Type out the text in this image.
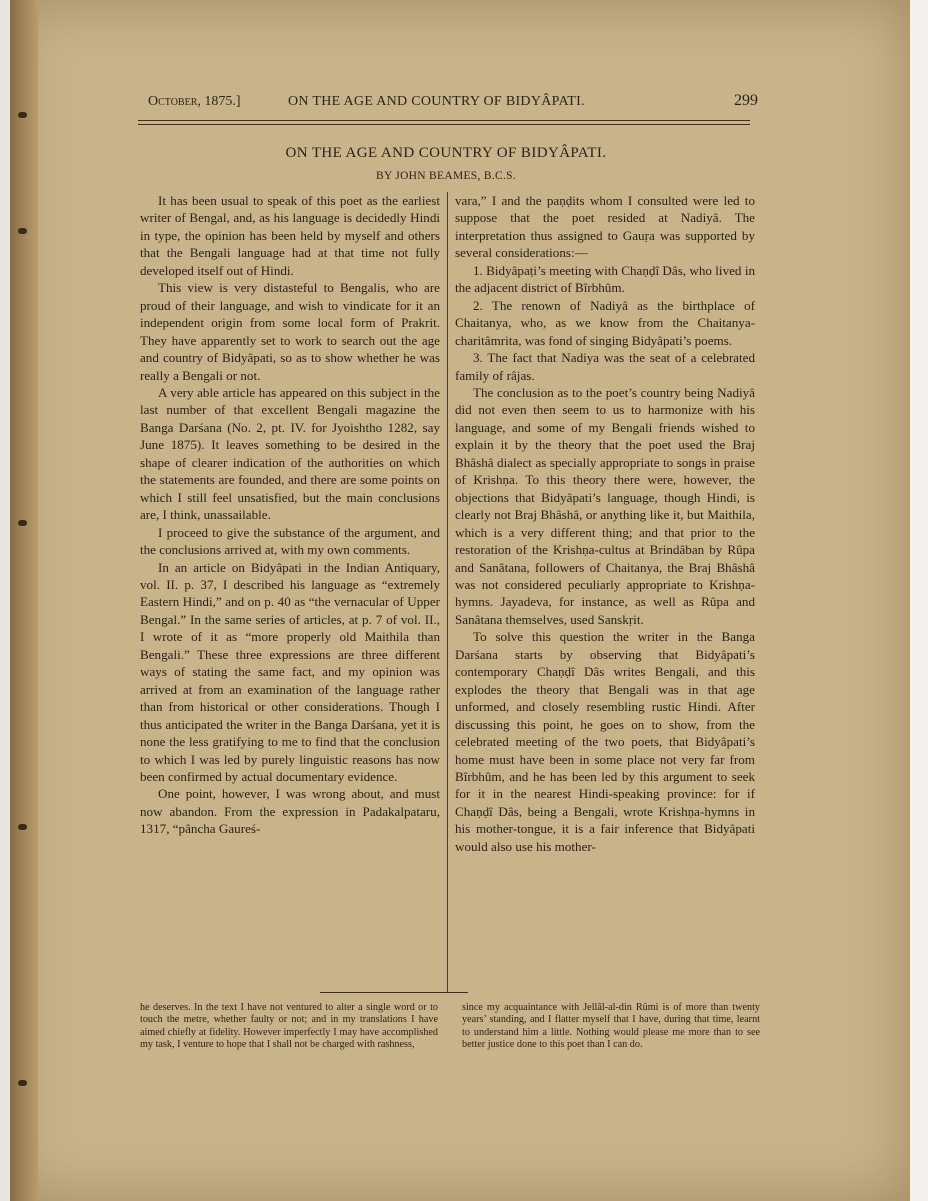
October, 1875.]	ON THE AGE AND COUNTRY OF BIDYÂPATI.	299
ON THE AGE AND COUNTRY OF BIDYÂPATI.
BY JOHN BEAMES, B.C.S.

It has been usual to speak of this poet as the earliest writer of Bengal, and, as his language is decidedly Hindi in type, the opinion has been held by myself and others that the Bengali language had at that time not fully developed itself out of Hindi.

This view is very distasteful to Bengalis, who are proud of their language, and wish to vindicate for it an independent origin from some local form of Prakrit. They have apparently set to work to search out the age and country of Bidyâpati, so as to show whether he was really a Bengali or not.

A very able article has appeared on this subject in the last number of that excellent Bengali magazine the Banga Darśana (No. 2, pt. IV. for Jyoishtho 1282, say June 1875). It leaves something to be desired in the shape of clearer indication of the authorities on which the statements are founded, and there are some points on which I still feel unsatisfied, but the main conclusions are, I think, unassailable.

I proceed to give the substance of the argument, and the conclusions arrived at, with my own comments.

In an article on Bidyâpati in the Indian Antiquary, vol. II. p. 37, I described his language as “extremely Eastern Hindi,” and on p. 40 as “the vernacular of Upper Bengal.” In the same series of articles, at p. 7 of vol. II., I wrote of it as “more properly old Maithila than Bengali.” These three expressions are three different ways of stating the same fact, and my opinion was arrived at from an examination of the language rather than from historical or other considerations. Though I thus anticipated the writer in the Banga Darśana, yet it is none the less gratifying to me to find that the conclusion to which I was led by purely linguistic reasons has now been confirmed by actual documentary evidence.

One point, however, I was wrong about, and must now abandon. From the expression in Padakalpataru, 1317, “pâncha Gaureś-

vara,” I and the paṇḍits whom I consulted were led to suppose that the poet resided at Nadiyâ. The interpretation thus assigned to Gauṛa was supported by several considerations:—

1. Bidyâpaṭi’s meeting with Chaṇḍî Dâs, who lived in the adjacent district of Bîrbhûm.

2. The renown of Nadiyâ as the birthplace of Chaitanya, who, as we know from the Chaitanya-charitâmrita, was fond of singing Bidyâpati’s poems.

3. The fact that Nadiya was the seat of a celebrated family of râjas.

The conclusion as to the poet’s country being Nadiyâ did not even then seem to us to harmonize with his language, and some of my Bengali friends wished to explain it by the theory that the poet used the Braj Bhâshâ dialect as specially appropriate to songs in praise of Krishṇa. To this theory there were, however, the objections that Bidyâpati’s language, though Hindi, is clearly not Braj Bhâshâ, or anything like it, but Maithila, which is a very different thing; and that prior to the restoration of the Krishṇa-cultus at Brindâban by Rûpa and Sanâtana, followers of Chaitanya, the Braj Bhâshâ was not considered peculiarly appropriate to Krishṇa-hymns. Jayadeva, for instance, as well as Rûpa and Sanâtana themselves, used Sanskṛit.

To solve this question the writer in the Banga Darśana starts by observing that Bidyâpati’s contemporary Chaṇḍî Dâs writes Bengali, and this explodes the theory that Bengali was in that age unformed, and closely resembling rustic Hindi. After discussing this point, he goes on to show, from the celebrated meeting of the two poets, that Bidyâpati’s home must have been in some place not very far from Bîrbhûm, and he has been led by this argument to seek for it in the nearest Hindi-speaking province: for if Chaṇḍî Dâs, being a Bengali, wrote Krishṇa-hymns in his mother-tongue, it is a fair inference that Bidyâpati would also use his mother-

he deserves. In the text I have not ventured to alter a single word or to touch the metre, whether faulty or not; and in my translations I have aimed chiefly at fidelity. However imperfectly I may have accomplished my task, I venture to hope that I shall not be charged with rashness,
since my acquaintance with Jellâl-al-din Rûmi is of more than twenty years’ standing, and I flatter myself that I have, during that time, learnt to understand him a little. Nothing would please me more than to see better justice done to this poet than I can do.
